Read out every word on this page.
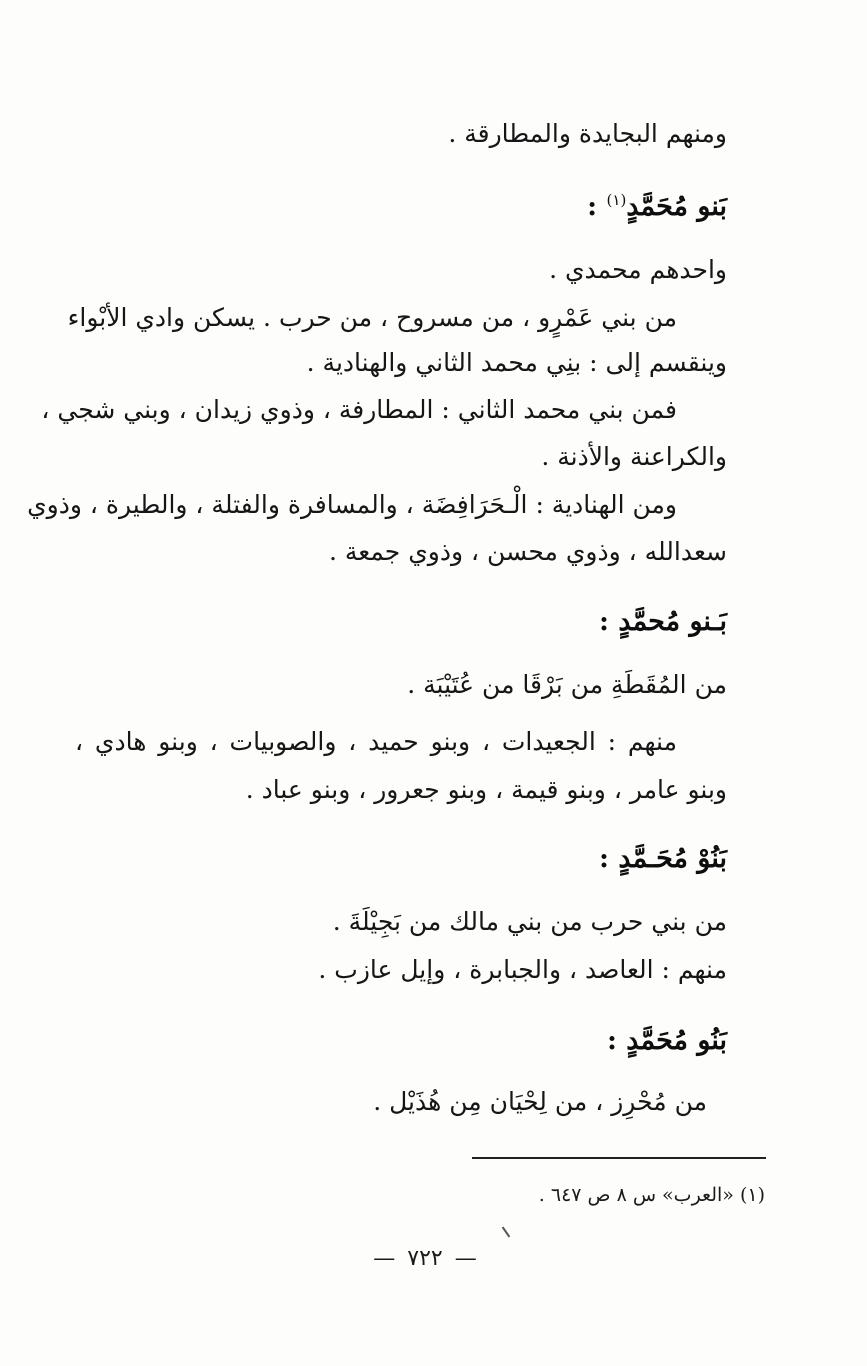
ومنهم البجايدة والمطارقة .
بَنو مُحَمَّدٍ$^{(١)}$ :
واحدهم محمدي .
من بني عَمْرٍو ، من مسروح ، من حرب . يسكن وادي الأبْواء
وينقسم إلى : بنِي محمد الثاني والهنادية .
فمن بني محمد الثاني : المطارفة ، وذوي زيدان ، وبني شجي ،
والكراعنة والأذنة .
ومن الهنادية : الْـحَرَافِضَة ، والمسافرة والفتلة ، والطيرة ، وذوي
سعدالله ، وذوي محسن ، وذوي جمعة .
بَـنو مُحمَّدٍ :
من المُقَطَةِ من بَرْقَا من عُتَيْبَة .
منهم : الجعيدات ، وبنو حميد ، والصوبيات ، وبنو هادي ،
وبنو عامر ، وبنو قيمة ، وبنو جعرور ، وبنو عباد .
بَنُوْ مُحَـمَّدٍ :
من بني حرب من بني مالك من بَجِيْلَةَ .
منهم : العاصد ، والجبابرة ، وإيل عازب .
بَنُو مُحَمَّدٍ :
من مُحْرِز ، من لِحْيَان مِن هُذَيْل .
(١) «العرب» س ٨ ص ٦٤٧ .
— ٧٢٢ —
